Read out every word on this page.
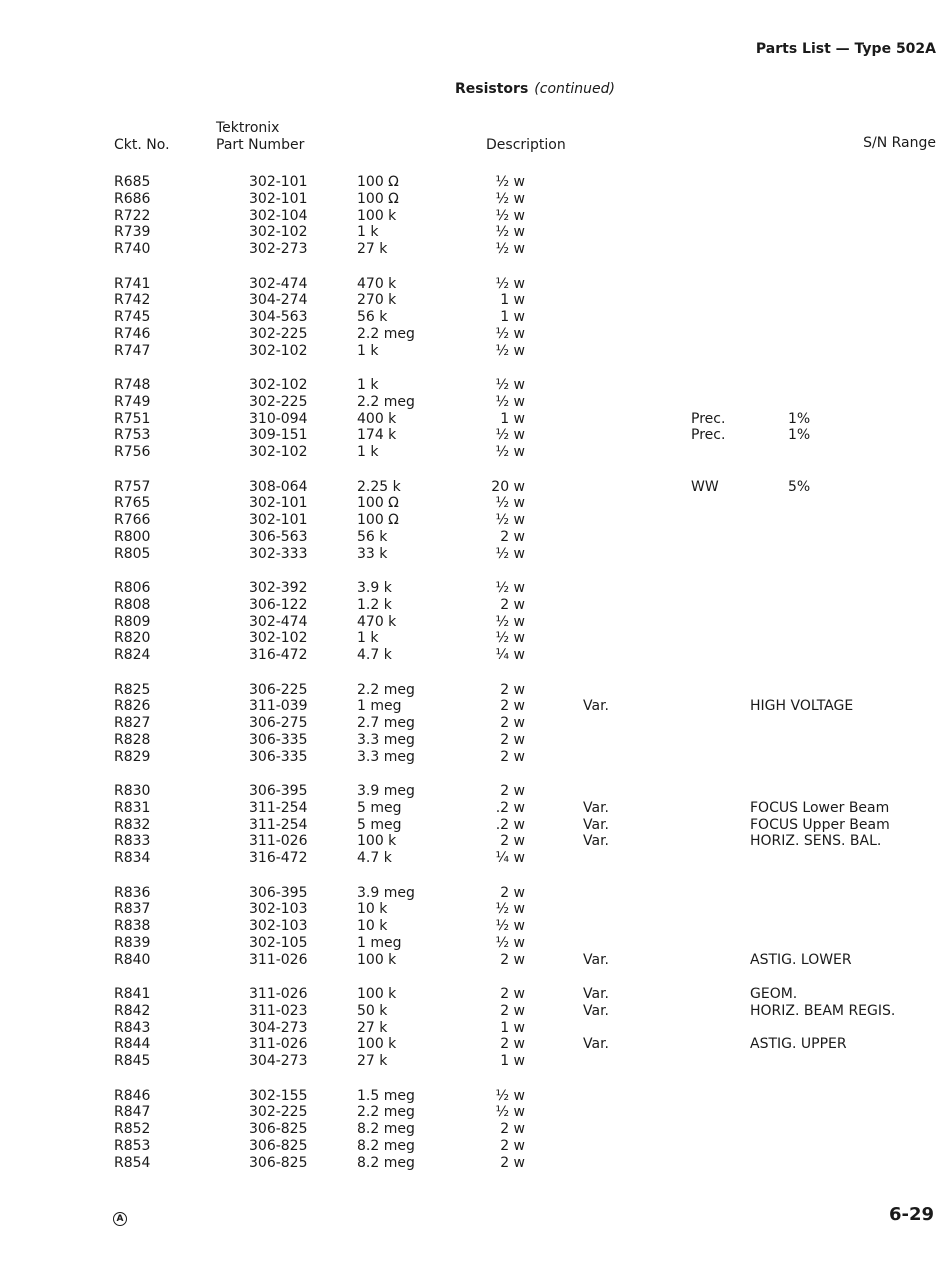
Parts List — Type 502A
Resistors (continued)
Ckt. No.
Tektronix
Part Number	Description	S/N Range
R685	302-101	100 Ω	½ w
R686	302-101	100 Ω	½ w
R722	302-104	100 k	½ w
R739	302-102	1 k	½ w
R740	302-273	27 k	½ w
R741	302-474	470 k	½ w
R742	304-274	270 k	1 w
R745	304-563	56 k	1 w
R746	302-225	2.2 meg	½ w
R747	302-102	1 k	½ w
R748	302-102	1 k	½ w
R749	302-225	2.2 meg	½ w
R751	310-094	400 k	1 w	Prec.	1%
R753	309-151	174 k	½ w	Prec.	1%
R756	302-102	1 k	½ w
R757	308-064	2.25 k	20 w	WW	5%
R765	302-101	100 Ω	½ w
R766	302-101	100 Ω	½ w
R800	306-563	56 k	2 w
R805	302-333	33 k	½ w
R806	302-392	3.9 k	½ w
R808	306-122	1.2 k	2 w
R809	302-474	470 k	½ w
R820	302-102	1 k	½ w
R824	316-472	4.7 k	¼ w
R825	306-225	2.2 meg	2 w
R826	311-039	1 meg	2 w	Var.	HIGH VOLTAGE
R827	306-275	2.7 meg	2 w
R828	306-335	3.3 meg	2 w
R829	306-335	3.3 meg	2 w
R830	306-395	3.9 meg	2 w
R831	311-254	5 meg	.2 w	Var.	FOCUS Lower Beam
R832	311-254	5 meg	.2 w	Var.	FOCUS Upper Beam
R833	311-026	100 k	2 w	Var.	HORIZ. SENS. BAL.
R834	316-472	4.7 k	¼ w
R836	306-395	3.9 meg	2 w
R837	302-103	10 k	½ w
R838	302-103	10 k	½ w
R839	302-105	1 meg	½ w
R840	311-026	100 k	2 w	Var.	ASTIG. LOWER
R841	311-026	100 k	2 w	Var.	GEOM.
R842	311-023	50 k	2 w	Var.	HORIZ. BEAM REGIS.
R843	304-273	27 k	1 w
R844	311-026	100 k	2 w	Var.	ASTIG. UPPER
R845	304-273	27 k	1 w
R846	302-155	1.5 meg	½ w
R847	302-225	2.2 meg	½ w
R852	306-825	8.2 meg	2 w
R853	306-825	8.2 meg	2 w
R854	306-825	8.2 meg	2 w
A	6-29
